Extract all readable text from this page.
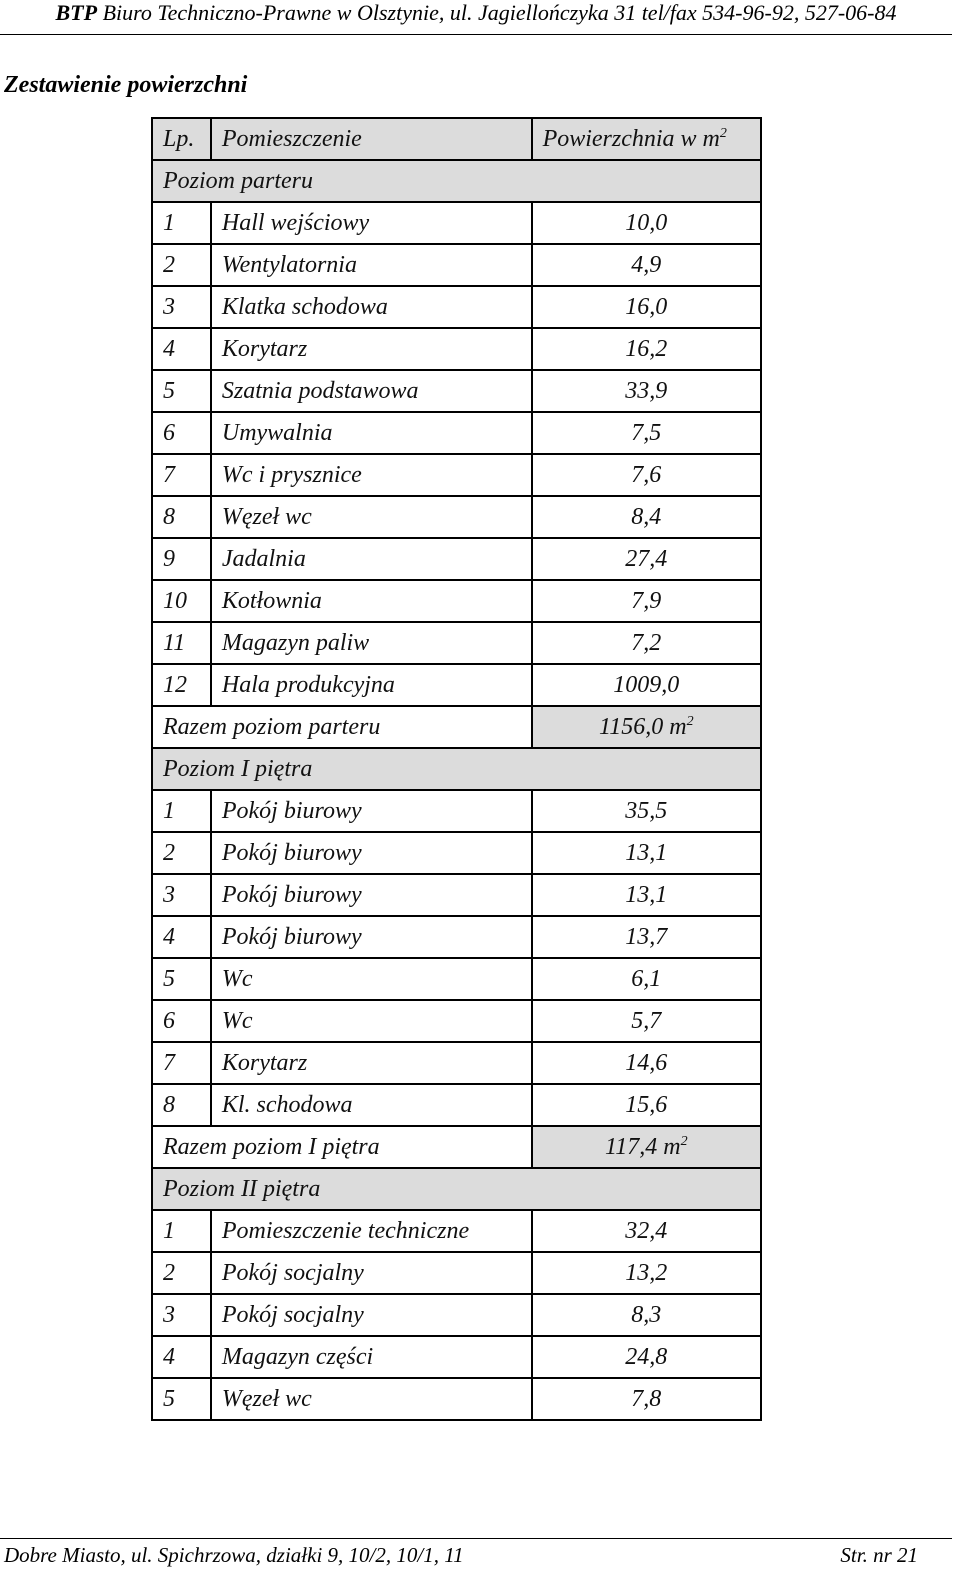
BTP Biuro Techniczno-Prawne w Olsztynie, ul. Jagiellończyka 31 tel/fax 534-96-92, 527-06-84
Zestawienie powierzchni
Lp.	Pomieszczenie	Powierzchnia w $m^2$
Poziom parteru		
1	Hall wejściowy	10,0
2	Wentylatornia	4,9
3	Klatka schodowa	16,0
4	Korytarz	16,2
5	Szatnia podstawowa	33,9
6	Umywalnia	7,5
7	Wc i prysznice	7,6
8	Węzeł wc	8,4
9	Jadalnia	27,4
10	Kotłownia	7,9
11	Magazyn paliw	7,2
12	Hala produkcyjna	1009,0
Razem poziom parteru		1156,0 $m^2$
Poziom I piętra		
1	Pokój biurowy	35,5
2	Pokój biurowy	13,1
3	Pokój biurowy	13,1
4	Pokój biurowy	13,7
5	Wc	6,1
6	Wc	5,7
7	Korytarz	14,6
8	Kl. schodowa	15,6
Razem poziom I piętra		117,4 $m^2$
Poziom II piętra		
1	Pomieszczenie techniczne	32,4
2	Pokój socjalny	13,2
3	Pokój socjalny	8,3
4	Magazyn części	24,8
5	Węzeł wc	7,8
Dobre Miasto, ul. Spichrzowa, działki 9, 10/2, 10/1, 11	Str. nr 21
